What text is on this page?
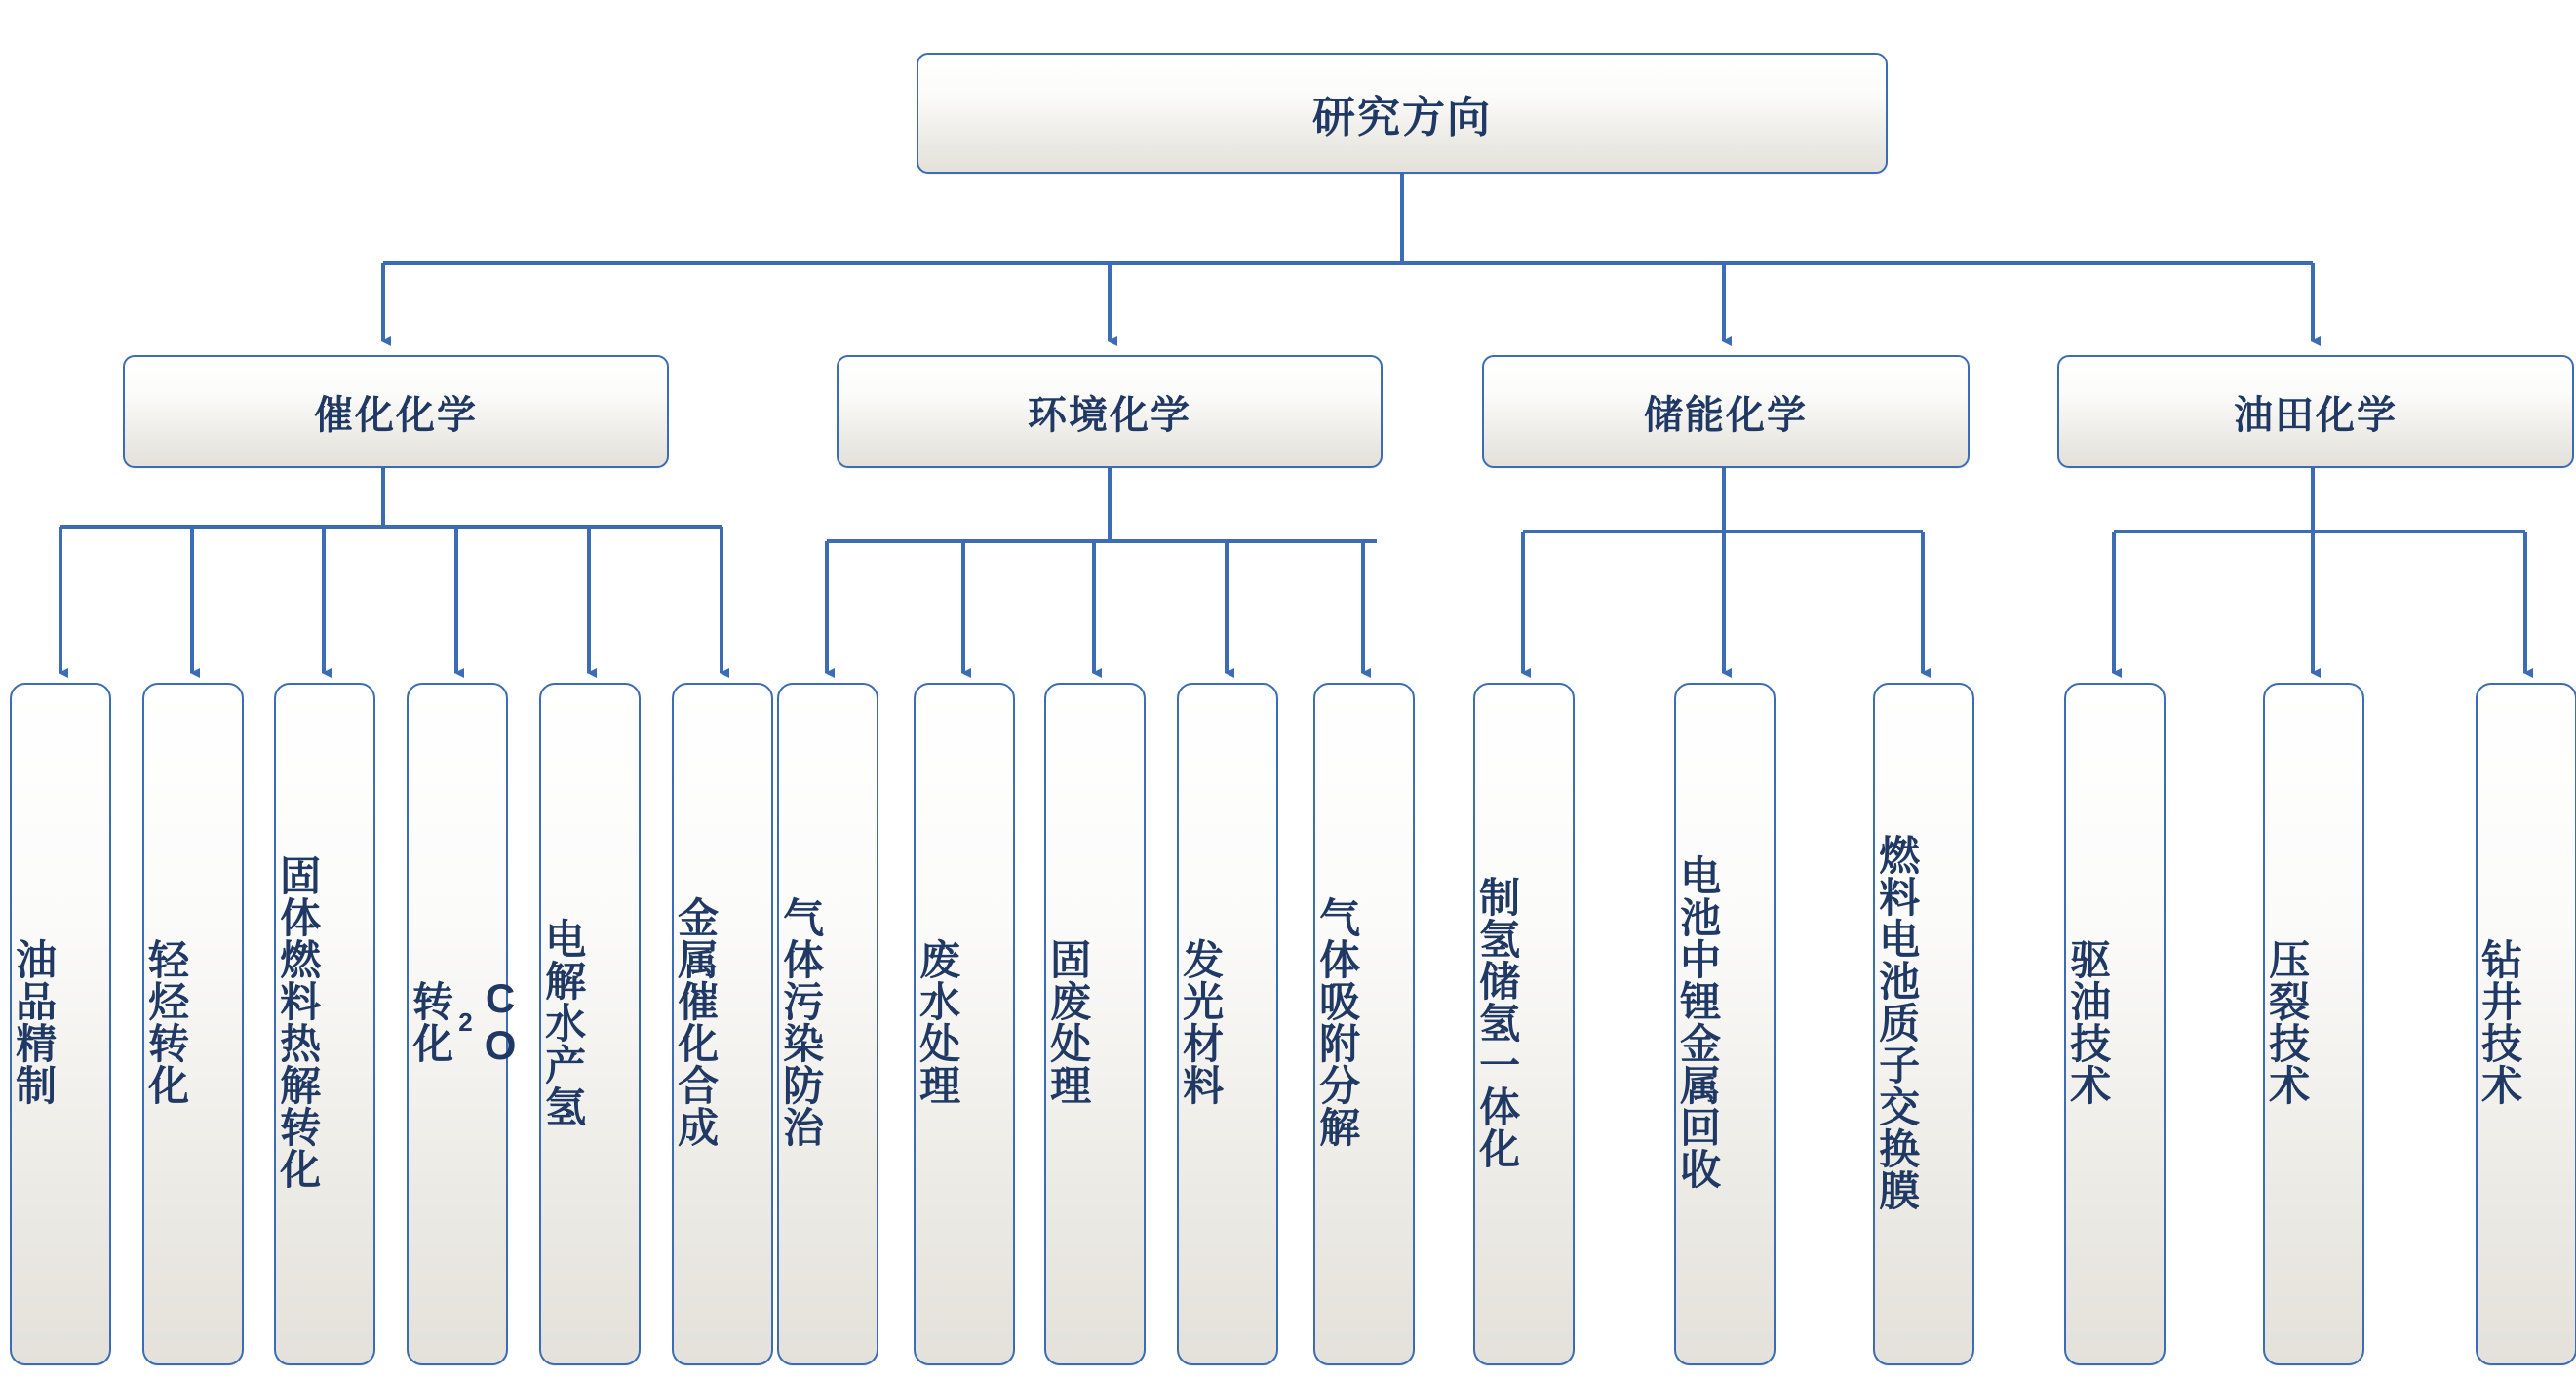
研究方向
催化化学	环境化学	储能化学	油田化学
油品精制 轻烃转化 固体燃料热解转化	CO
2
转化 电解水产氢 金属催化合成 气体污染防治 废水处理 固废处理 发光材料 气体吸附分解	制氢储氢一体化	电池中锂金属回收	燃料电池质子交换膜	驱油技术	压裂技术	钻井技术
